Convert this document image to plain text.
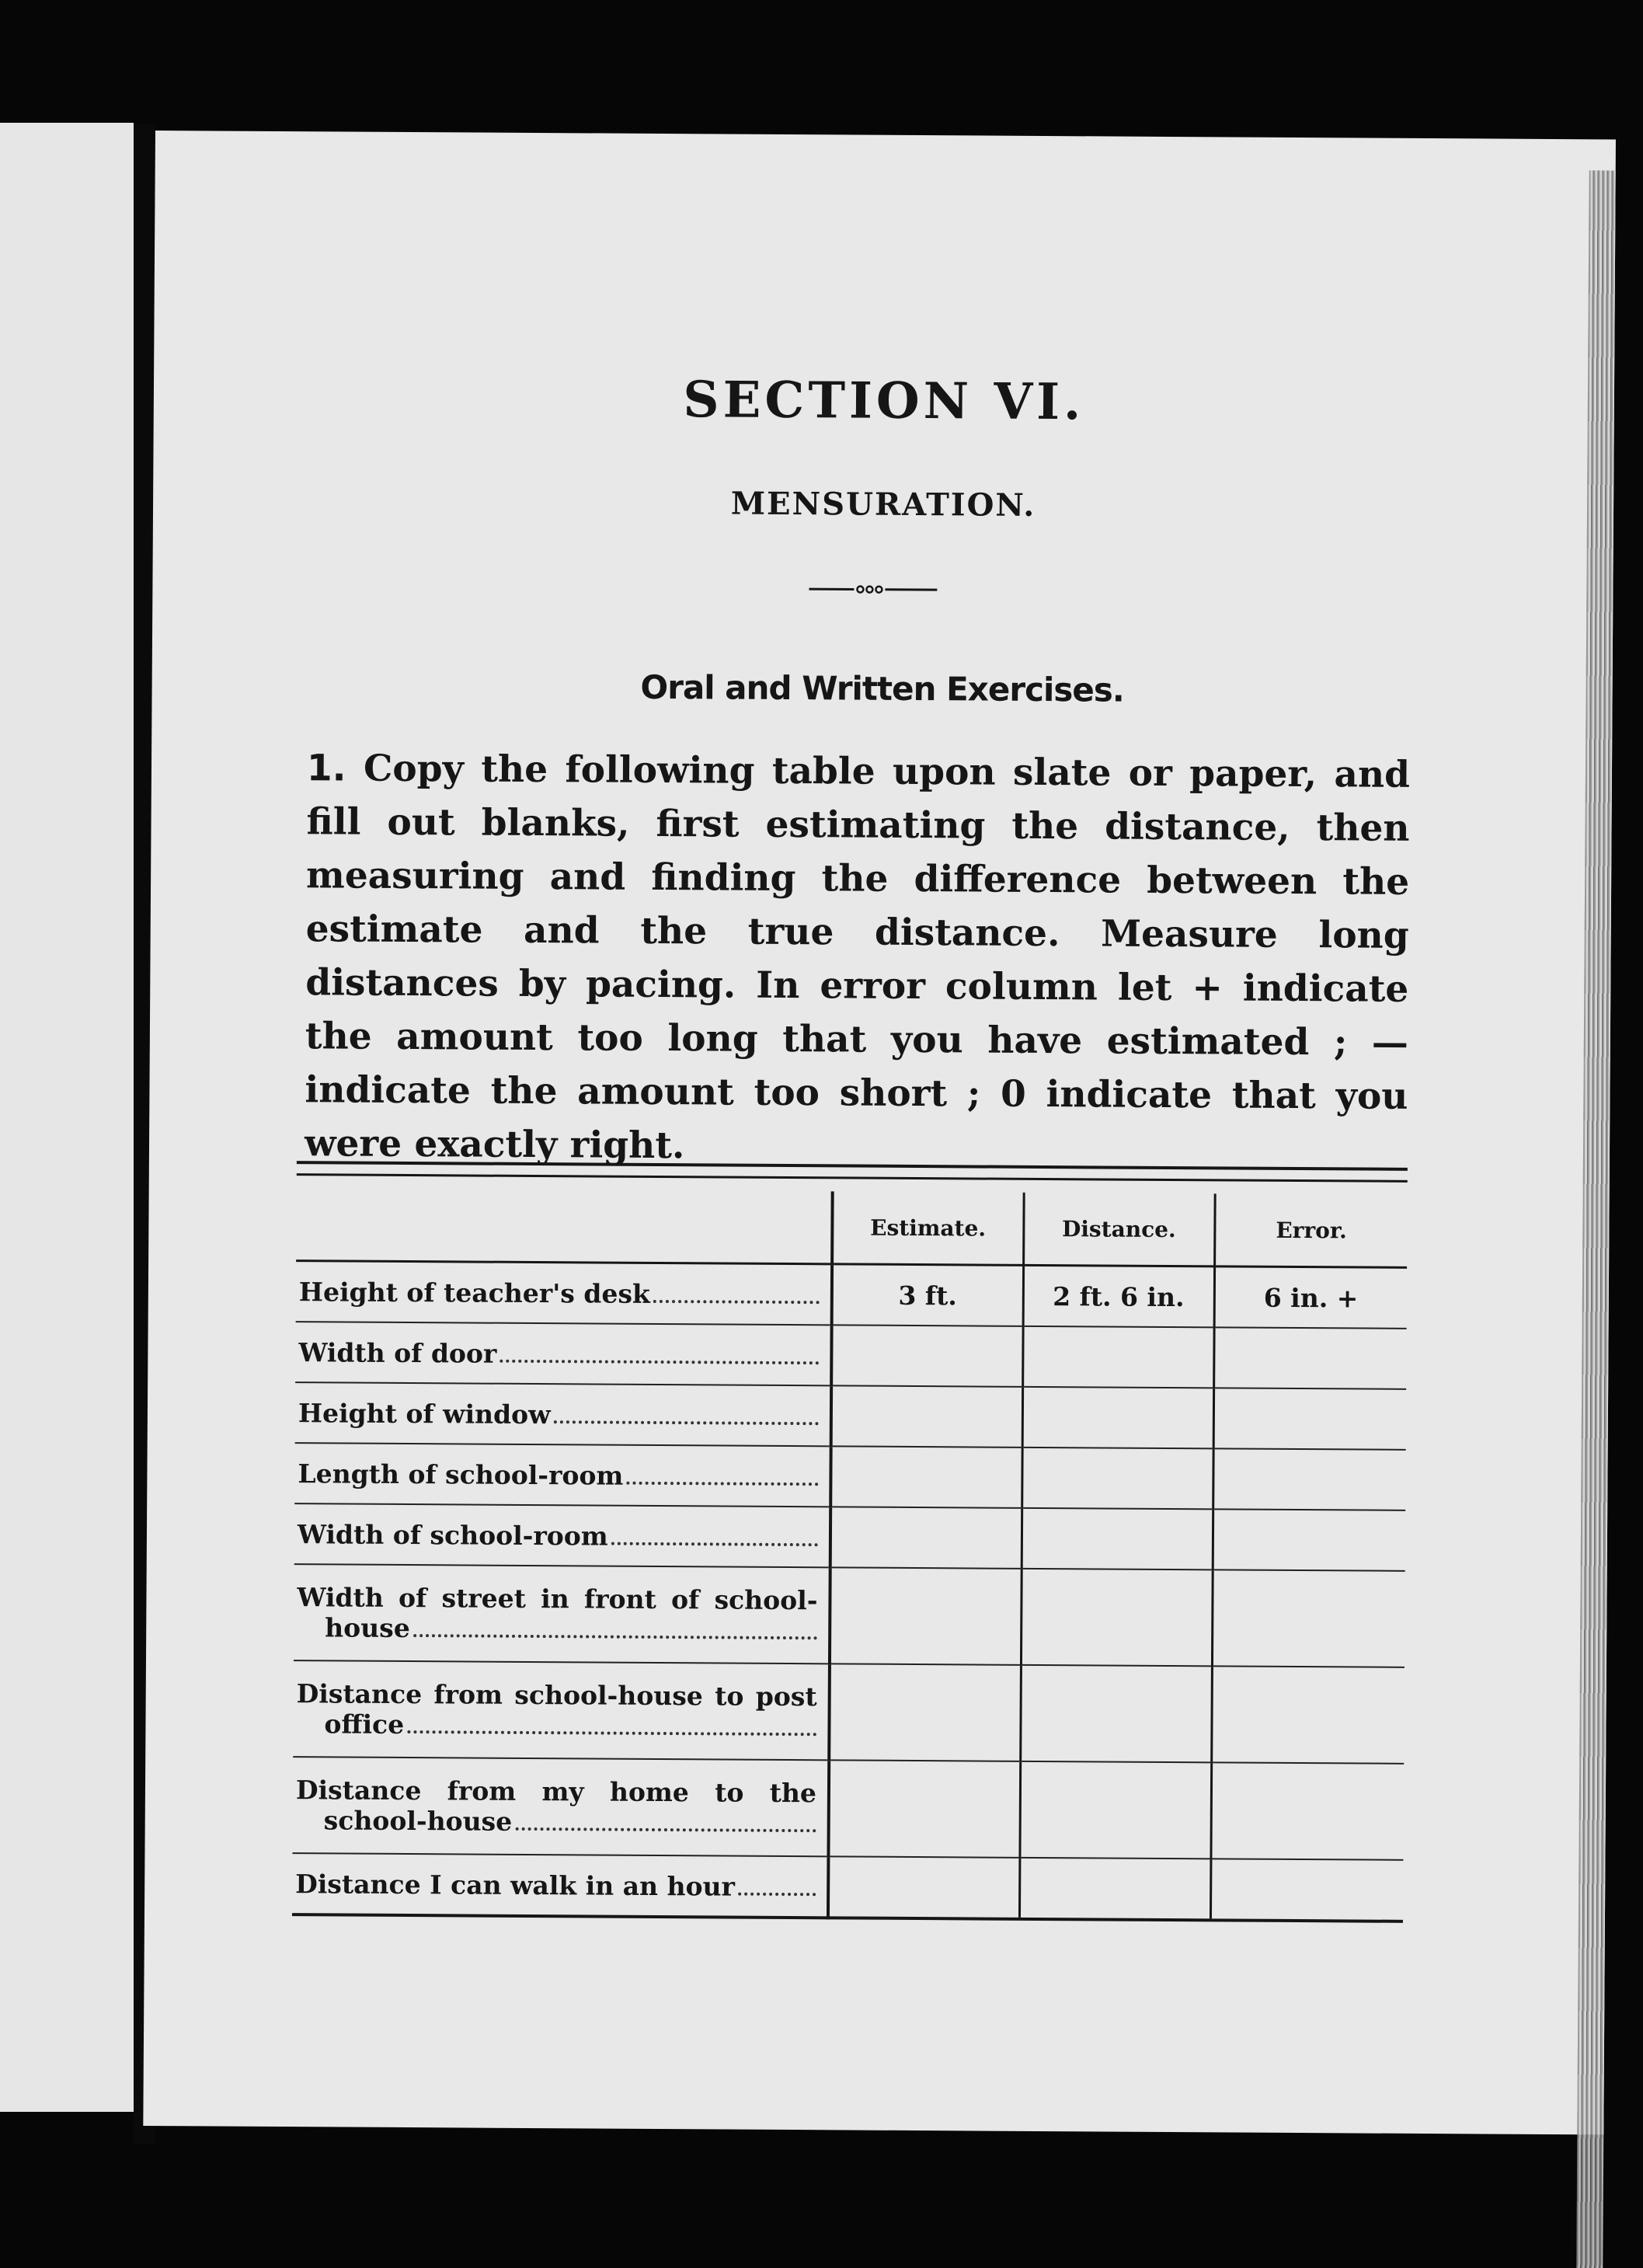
SECTION VI.
MENSURATION.
Oral and Written Exercises.
1. Copy the following table upon slate or paper, and fill out blanks, first estimating the distance, then measuring and finding the difference between the estimate and the true distance. Measure long distances by pacing. In error column let + indicate the amount too long that you have estimated ; — indicate the amount too short ; 0 indicate that you were exactly right.
	Estimate.	Distance.	Error.

Height of teacher's desk	3 ft.	2 ft. 6 in.	6 in. +

Width of door			

Height of window			

Length of school-room			

Width of school-room			

Width of street in front of school-
house			

Distance from school-house to post
office			

Distance from my home to the
school-house			

Distance I can walk in an hour			
